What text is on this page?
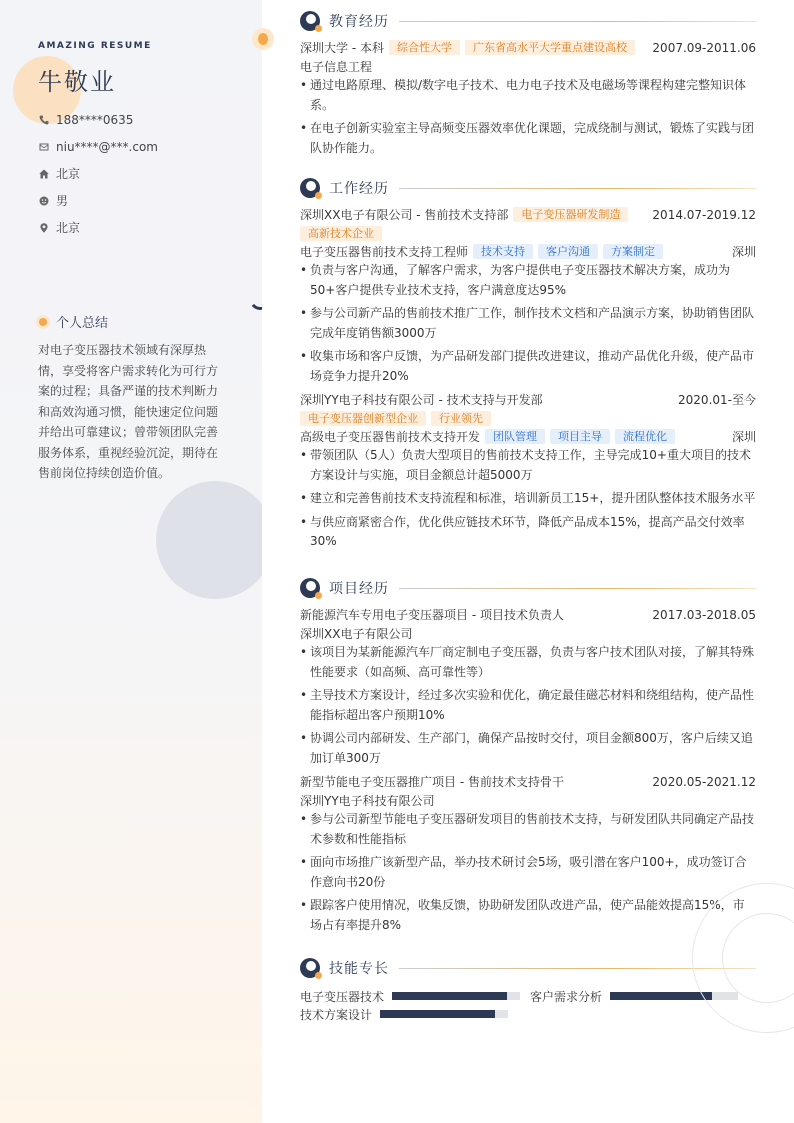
AMAZING RESUME
牛敬业
188****0635
niu****@***.com
北京
男
北京
个人总结
对电子变压器技术领域有深厚热情，享受将客户需求转化为可行方案的过程；具备严谨的技术判断力和高效沟通习惯，能快速定位问题并给出可靠建议；曾带领团队完善服务体系，重视经验沉淀，期待在售前岗位持续创造价值。
教育经历
深圳大学 - 本科	综合性大学	广东省高水平大学重点建设高校	2007.09-2011.06
电子信息工程
• 通过电路原理、模拟/数字电子技术、电力电子技术及电磁场等课程构建完整知识体系。
• 在电子创新实验室主导高频变压器效率优化课题，完成绕制与测试，锻炼了实践与团队协作能力。
工作经历
深圳XX电子有限公司 - 售前技术支持部	电子变压器研发制造	2014.07-2019.12
高新技术企业
电子变压器售前技术支持工程师	技术支持	客户沟通	方案制定	深圳
• 负责与客户沟通，了解客户需求，为客户提供电子变压器技术解决方案，成功为50+客户提供专业技术支持，客户满意度达95%
• 参与公司新产品的售前技术推广工作，制作技术文档和产品演示方案，协助销售团队完成年度销售额3000万
• 收集市场和客户反馈，为产品研发部门提供改进建议，推动产品优化升级，使产品市场竞争力提升20%
深圳YY电子科技有限公司 - 技术支持与开发部	2020.01-至今
电子变压器创新型企业	行业领先
高级电子变压器售前技术支持开发	团队管理	项目主导	流程优化	深圳
• 带领团队（5人）负责大型项目的售前技术支持工作，主导完成10+重大项目的技术方案设计与实施，项目金额总计超5000万
• 建立和完善售前技术支持流程和标准，培训新员工15+，提升团队整体技术服务水平
• 与供应商紧密合作，优化供应链技术环节，降低产品成本15%，提高产品交付效率30%
项目经历
新能源汽车专用电子变压器项目 - 项目技术负责人	2017.03-2018.05
深圳XX电子有限公司
• 该项目为某新能源汽车厂商定制电子变压器，负责与客户技术团队对接，了解其特殊性能要求（如高频、高可靠性等）
• 主导技术方案设计，经过多次实验和优化，确定最佳磁芯材料和绕组结构，使产品性能指标超出客户预期10%
• 协调公司内部研发、生产部门，确保产品按时交付，项目金额800万，客户后续又追加订单300万
新型节能电子变压器推广项目 - 售前技术支持骨干	2020.05-2021.12
深圳YY电子科技有限公司
• 参与公司新型节能电子变压器研发项目的售前技术支持，与研发团队共同确定产品技术参数和性能指标
• 面向市场推广该新型产品，举办技术研讨会5场，吸引潜在客户100+，成功签订合作意向书20份
• 跟踪客户使用情况，收集反馈，协助研发团队改进产品，使产品能效提高15%，市场占有率提升8%
技能专长
电子变压器技术	客户需求分析
技术方案设计
